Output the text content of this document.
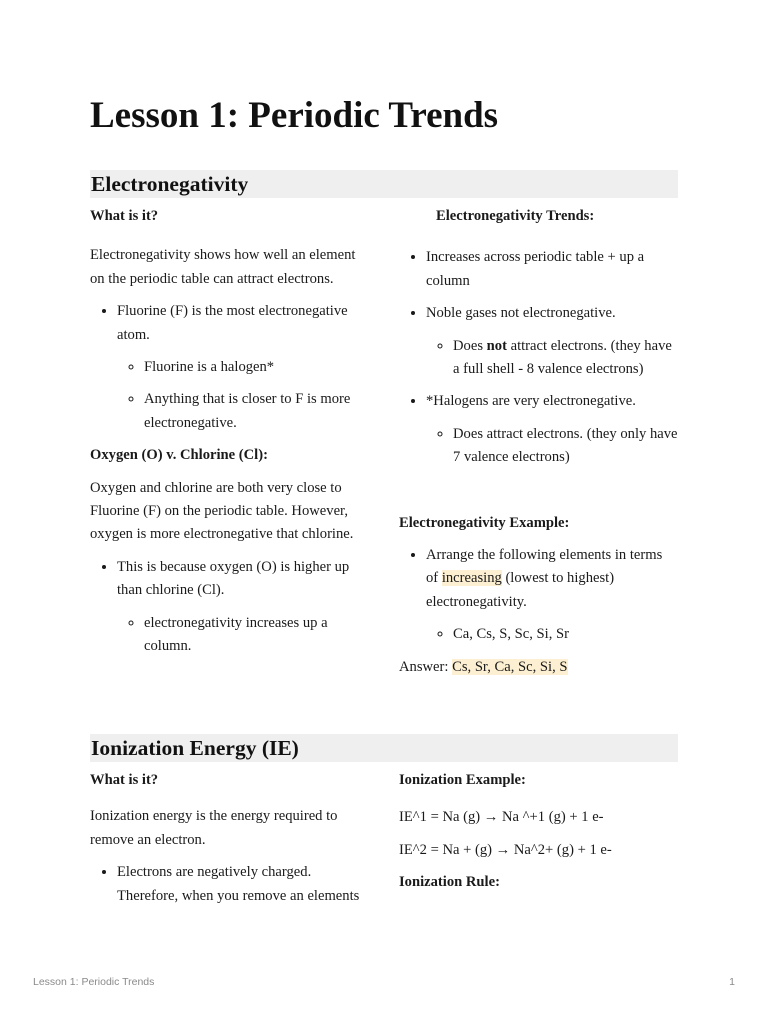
Lesson 1: Periodic Trends
Electronegativity

What is it?

Electronegativity shows how well an element on the periodic table can attract electrons.

• Fluorine (F) is the most electronegative atom.
◦ Fluorine is a halogen*
◦ Anything that is closer to F is more electronegative.

Oxygen (O) v. Chlorine (Cl):

Oxygen and chlorine are both very close to Fluorine (F) on the periodic table. However, oxygen is more electronegative that chlorine.

• This is because oxygen (O) is higher up than chlorine (Cl).
◦ electronegativity increases up a column.

Electronegativity Trends:

• Increases across periodic table + up a column
• Noble gases not electronegative.
◦ Does not attract electrons. (they have a full shell - 8 valence electrons)
• *Halogens are very electronegative.
◦ Does attract electrons. (they only have 7 valence electrons)

Electronegativity Example:

• Arrange the following elements in terms of increasing (lowest to highest) electronegativity.
◦ Ca, Cs, S, Sc, Si, Sr

Answer: Cs, Sr, Ca, Sc, Si, S

Ionization Energy (IE)

What is it?

Ionization energy is the energy required to remove an electron.

• Electrons are negatively charged. Therefore, when you remove an elements

Ionization Example:

IE^1 = Na (g) → Na ^+1 (g) + 1 e-

IE^2 = Na + (g) → Na^2+ (g) + 1 e-

Ionization Rule:

Lesson 1: Periodic Trends	1
